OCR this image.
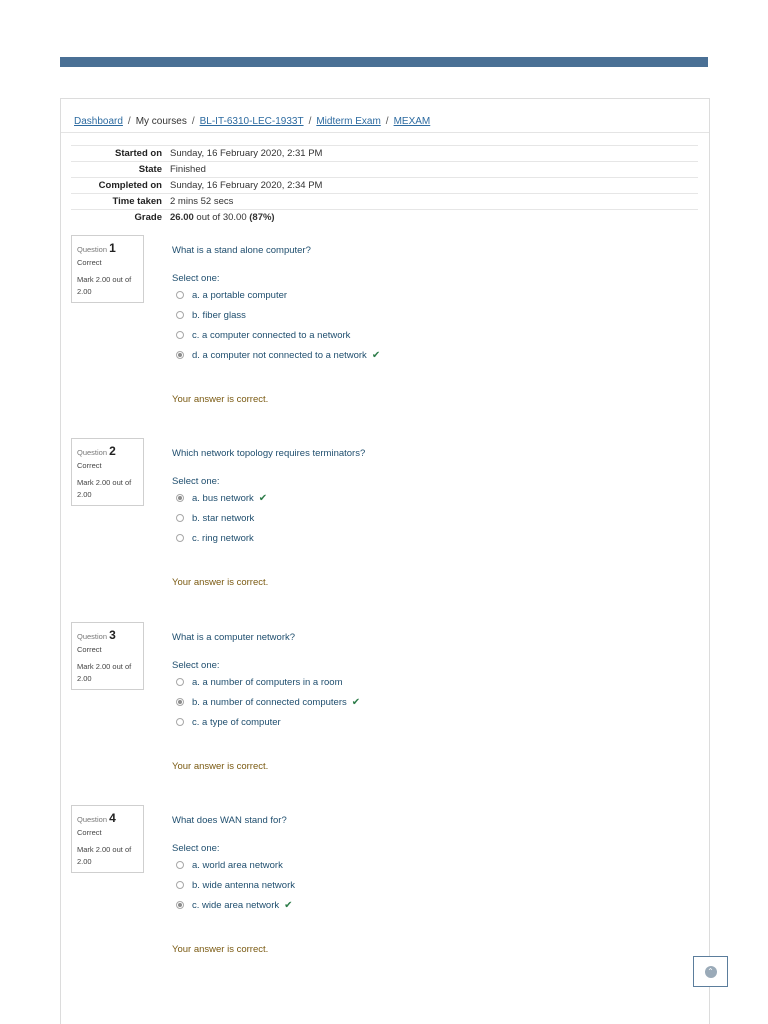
Dashboard / My courses / BL-IT-6310-LEC-1933T / Midterm Exam / MEXAM
Started on	Sunday, 16 February 2020, 2:31 PM
State	Finished
Completed on	Sunday, 16 February 2020, 2:34 PM
Time taken	2 mins 52 secs
Grade	26.00 out of 30.00 (87%)
Question 1
Correct
Mark 2.00 out of 2.00
What is a stand alone computer?
Select one:
a. a portable computer
b. fiber glass
c. a computer connected to a network
d. a computer not connected to a network ✔
Your answer is correct.
Question 2
Correct
Mark 2.00 out of 2.00
Which network topology requires terminators?
Select one:
a. bus network ✔
b. star network
c. ring network
Your answer is correct.
Question 3
Correct
Mark 2.00 out of 2.00
What is a computer network?
Select one:
a. a number of computers in a room
b. a number of connected computers ✔
c. a type of computer
Your answer is correct.
Question 4
Correct
Mark 2.00 out of 2.00
What does WAN stand for?
Select one:
a. world area network
b. wide antenna network
c. wide area network ✔
Your answer is correct.
⌃
